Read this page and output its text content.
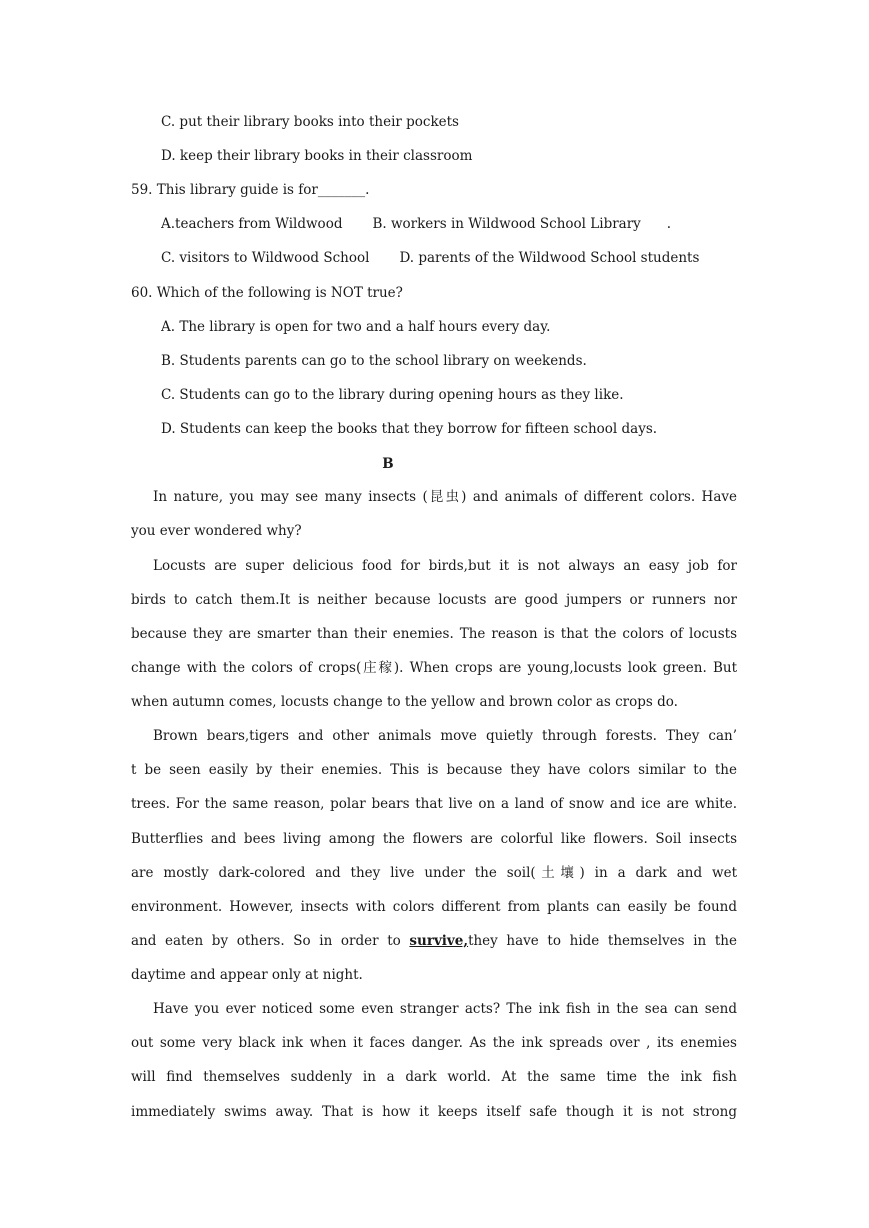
C. put their library books into their pockets
D. keep their library books in their classroom
59. This library guide is for_______.
A.teachers from Wildwood B. workers in Wildwood School Library .
C. visitors to Wildwood School D. parents of the Wildwood School students
60. Which of the following is NOT true?
A. The library is open for two and a half hours every day.
B. Students parents can go to the school library on weekends.
C. Students can go to the library during opening hours as they like.
D. Students can keep the books that they borrow for fifteen school days.
B
In nature, you may see many insects (昆虫) and animals of different colors. Have
you ever wondered why?
Locusts are super delicious food for birds,but it is not always an easy job for
birds to catch them.It is neither because locusts are good jumpers or runners nor
because they are smarter than their enemies. The reason is that the colors of locusts
change with the colors of crops(庄稼). When crops are young,locusts look green. But
when autumn comes, locusts change to the yellow and brown color as crops do.
Brown bears,tigers and other animals move quietly through forests. They can’
t be seen easily by their enemies. This is because they have colors similar to the
trees. For the same reason, polar bears that live on a land of snow and ice are white.
Butterflies and bees living among the flowers are colorful like flowers. Soil insects
are mostly dark-colored and they live under the soil(土壤) in a dark and wet
environment. However, insects with colors different from plants can easily be found
and eaten by others. So in order to survive,they have to hide themselves in the
daytime and appear only at night.
Have you ever noticed some even stranger acts? The ink fish in the sea can send
out some very black ink when it faces danger. As the ink spreads over , its enemies
will find themselves suddenly in a dark world. At the same time the ink fish
immediately swims away. That is how it keeps itself safe though it is not strong
